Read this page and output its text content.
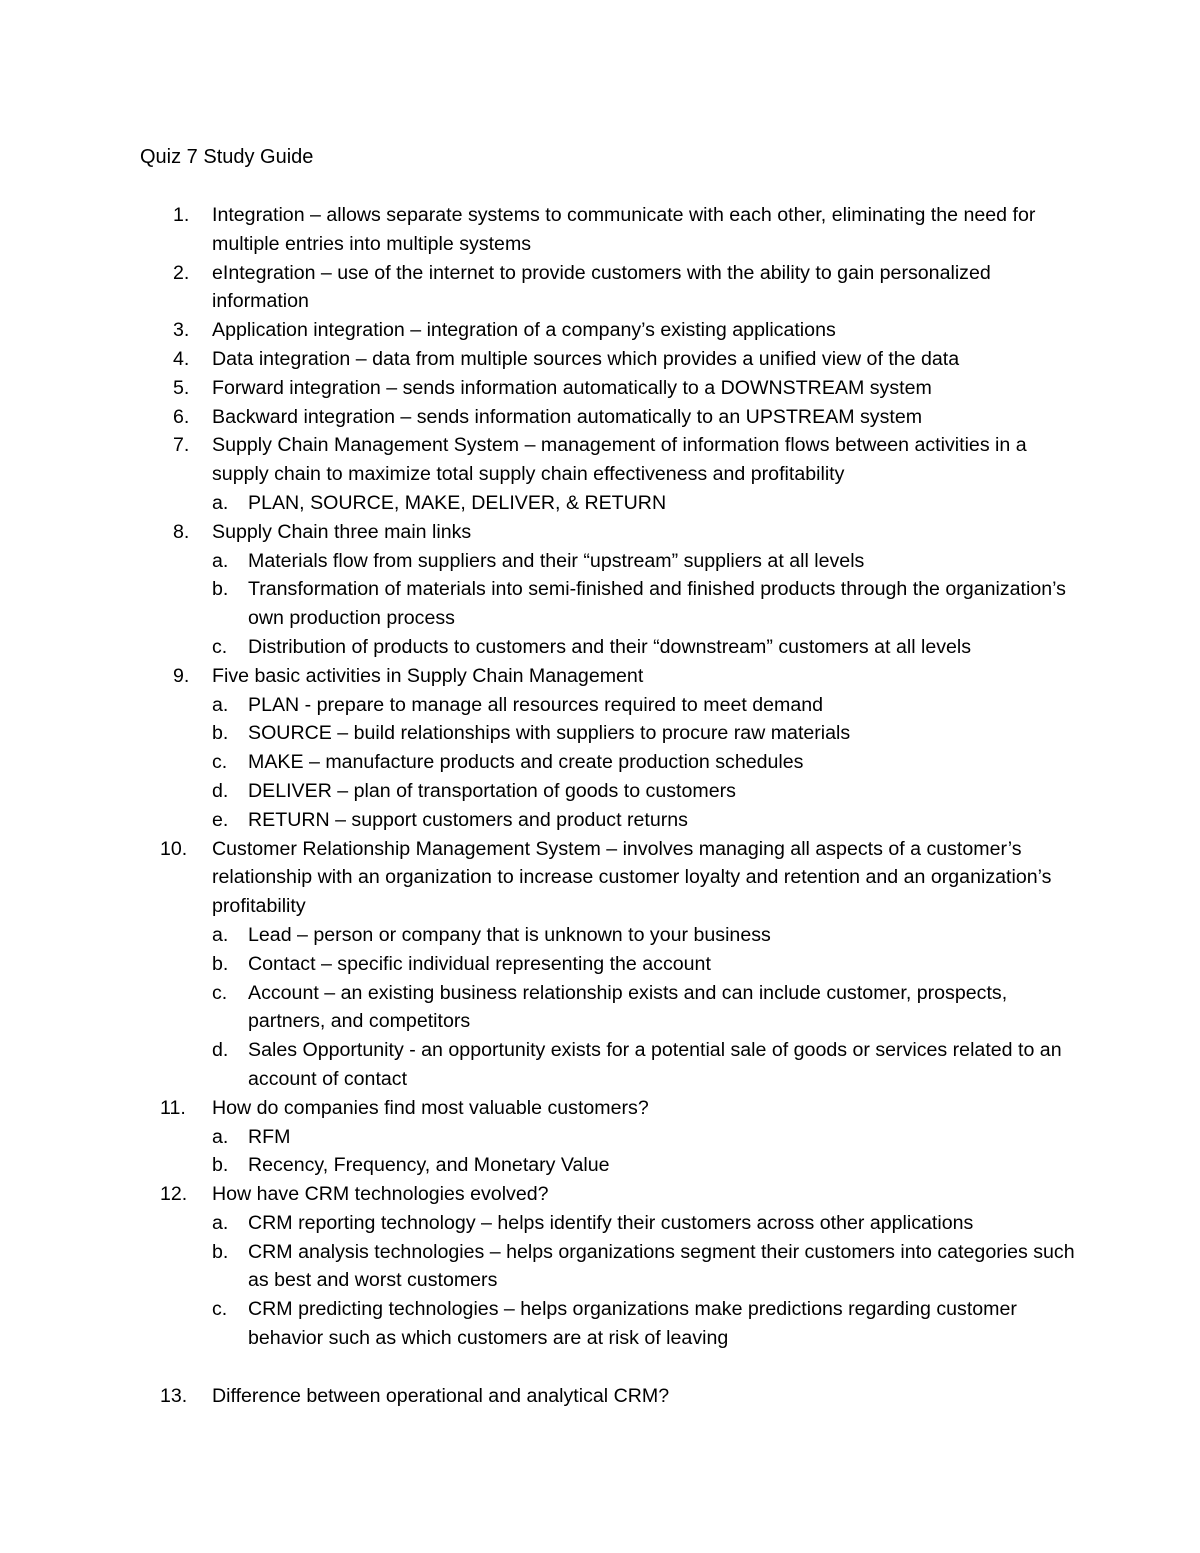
Quiz 7 Study Guide
1.	Integration – allows separate systems to communicate with each other, eliminating the need for multiple entries into multiple systems
2.	eIntegration – use of the internet to provide customers with the ability to gain personalized information
3.	Application integration – integration of a company’s existing applications
4.	Data integration – data from multiple sources which provides a unified view of the data
5.	Forward integration – sends information automatically to a DOWNSTREAM system
6.	Backward integration – sends information automatically to an UPSTREAM system
7.	Supply Chain Management System – management of information flows between activities in a supply chain to maximize total supply chain effectiveness and profitability
a.	PLAN, SOURCE, MAKE, DELIVER, & RETURN
8.	Supply Chain three main links
a.	Materials flow from suppliers and their “upstream” suppliers at all levels
b.	Transformation of materials into semi-finished and finished products through the organization’s own production process
c.	Distribution of products to customers and their “downstream” customers at all levels
9.	Five basic activities in Supply Chain Management
a.	PLAN - prepare to manage all resources required to meet demand
b.	SOURCE – build relationships with suppliers to procure raw materials
c.	MAKE – manufacture products and create production schedules
d.	DELIVER – plan of transportation of goods to customers
e.	RETURN – support customers and product returns
10.	Customer Relationship Management System – involves managing all aspects of a customer’s relationship with an organization to increase customer loyalty and retention and an organization’s profitability
a.	Lead – person or company that is unknown to your business
b.	Contact – specific individual representing the account
c.	Account – an existing business relationship exists and can include customer, prospects, partners, and competitors
d.	Sales Opportunity - an opportunity exists for a potential sale of goods or services related to an account of contact
11.	How do companies find most valuable customers?
a.	RFM
b.	Recency, Frequency, and Monetary Value
12.	How have CRM technologies evolved?
a.	CRM reporting technology – helps identify their customers across other applications
b.	CRM analysis technologies – helps organizations segment their customers into categories such as best and worst customers
c.	CRM predicting technologies – helps organizations make predictions regarding customer behavior such as which customers are at risk of leaving
13.	Difference between operational and analytical CRM?
